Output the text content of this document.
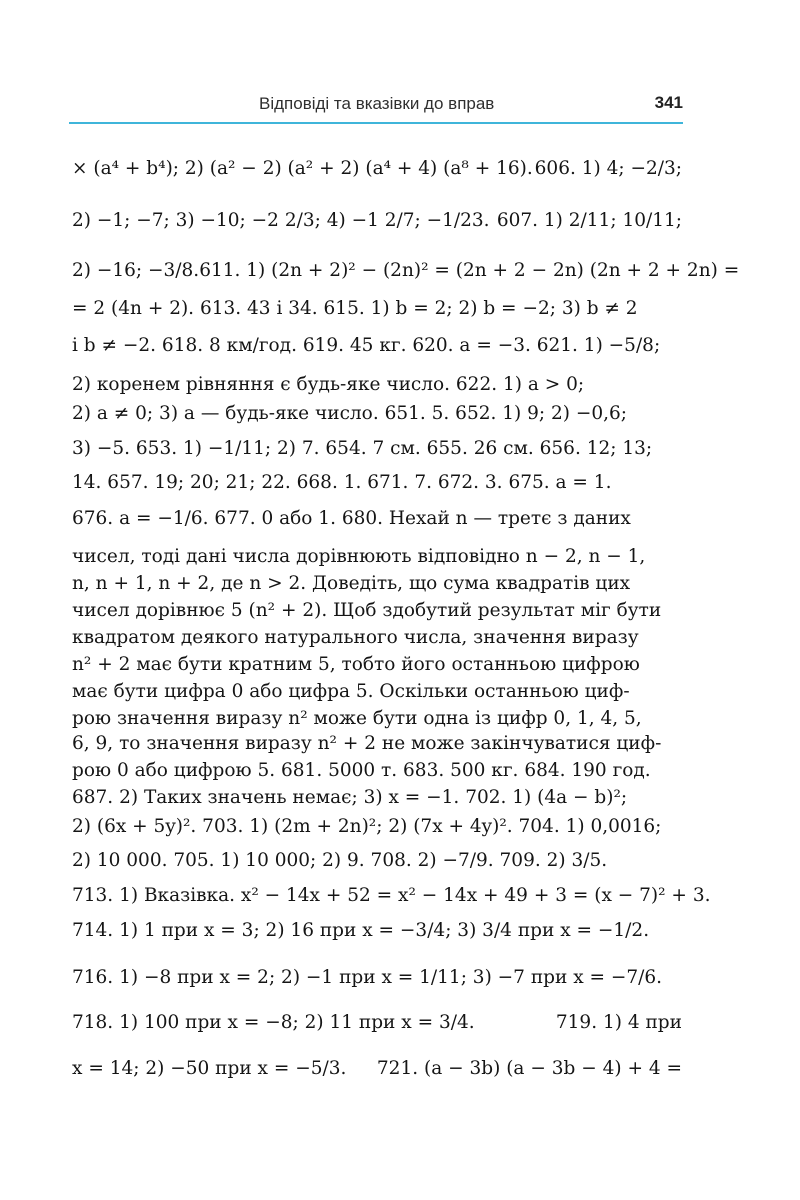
Відповіді та вказівки до вправ	341
× (a⁴ + b⁴); 2) (a² − 2) (a² + 2) (a⁴ + 4) (a⁸ + 16). 606. 1) 4; −2/3;
2) −1; −7; 3) −10; −2 2/3; 4) −1 2/7; −1/23. 607. 1) 2/11; 10/11;
2) −16; −3/8. 611. 1) (2n + 2)² − (2n)² = (2n + 2 − 2n) (2n + 2 + 2n) =
= 2 (4n + 2). 613. 43 і 34. 615. 1) b = 2; 2) b = −2; 3) b ≠ 2
і b ≠ −2. 618. 8 км/год. 619. 45 кг. 620. a = −3. 621. 1) −5/8;
2) коренем рівняння є будь-яке число. 622. 1) a > 0;
2) a ≠ 0; 3) a — будь-яке число. 651. 5. 652. 1) 9; 2) −0,6;
3) −5. 653. 1) −1/11; 2) 7. 654. 7 см. 655. 26 см. 656. 12; 13;
14. 657. 19; 20; 21; 22. 668. 1. 671. 7. 672. 3. 675. a = 1.
676. a = −1/6. 677. 0 або 1. 680. Нехай n — третє з даних
чисел, тоді дані числа дорівнюють відповідно n − 2, n − 1,
n, n + 1, n + 2, де n > 2. Доведіть, що сума квадратів цих
чисел дорівнює 5 (n² + 2). Щоб здобутий результат міг бути
квадратом деякого натурального числа, значення виразу
n² + 2 має бути кратним 5, тобто його останньою цифрою
має бути цифра 0 або цифра 5. Оскільки останньою циф-
рою значення виразу n² може бути одна із цифр 0, 1, 4, 5,
6, 9, то значення виразу n² + 2 не може закінчуватися циф-
рою 0 або цифрою 5. 681. 5000 т. 683. 500 кг. 684. 190 год.
687. 2) Таких значень немає; 3) x = −1. 702. 1) (4a − b)²;
2) (6x + 5y)². 703. 1) (2m + 2n)²; 2) (7x + 4y)². 704. 1) 0,0016;
2) 10 000. 705. 1) 10 000; 2) 9. 708. 2) −7/9. 709. 2) 3/5.
713. 1) Вказівка. x² − 14x + 52 = x² − 14x + 49 + 3 = (x − 7)² + 3.
714. 1) 1 при x = 3; 2) 16 при x = −3/4; 3) 3/4 при x = −1/2.
716. 1) −8 при x = 2; 2) −1 при x = 1/11; 3) −7 при x = −7/6.
718. 1) 100 при x = −8; 2) 11 при x = 3/4.	719. 1) 4 при
x = 14; 2) −50 при x = −5/3. 721. (a − 3b) (a − 3b − 4) + 4 =
